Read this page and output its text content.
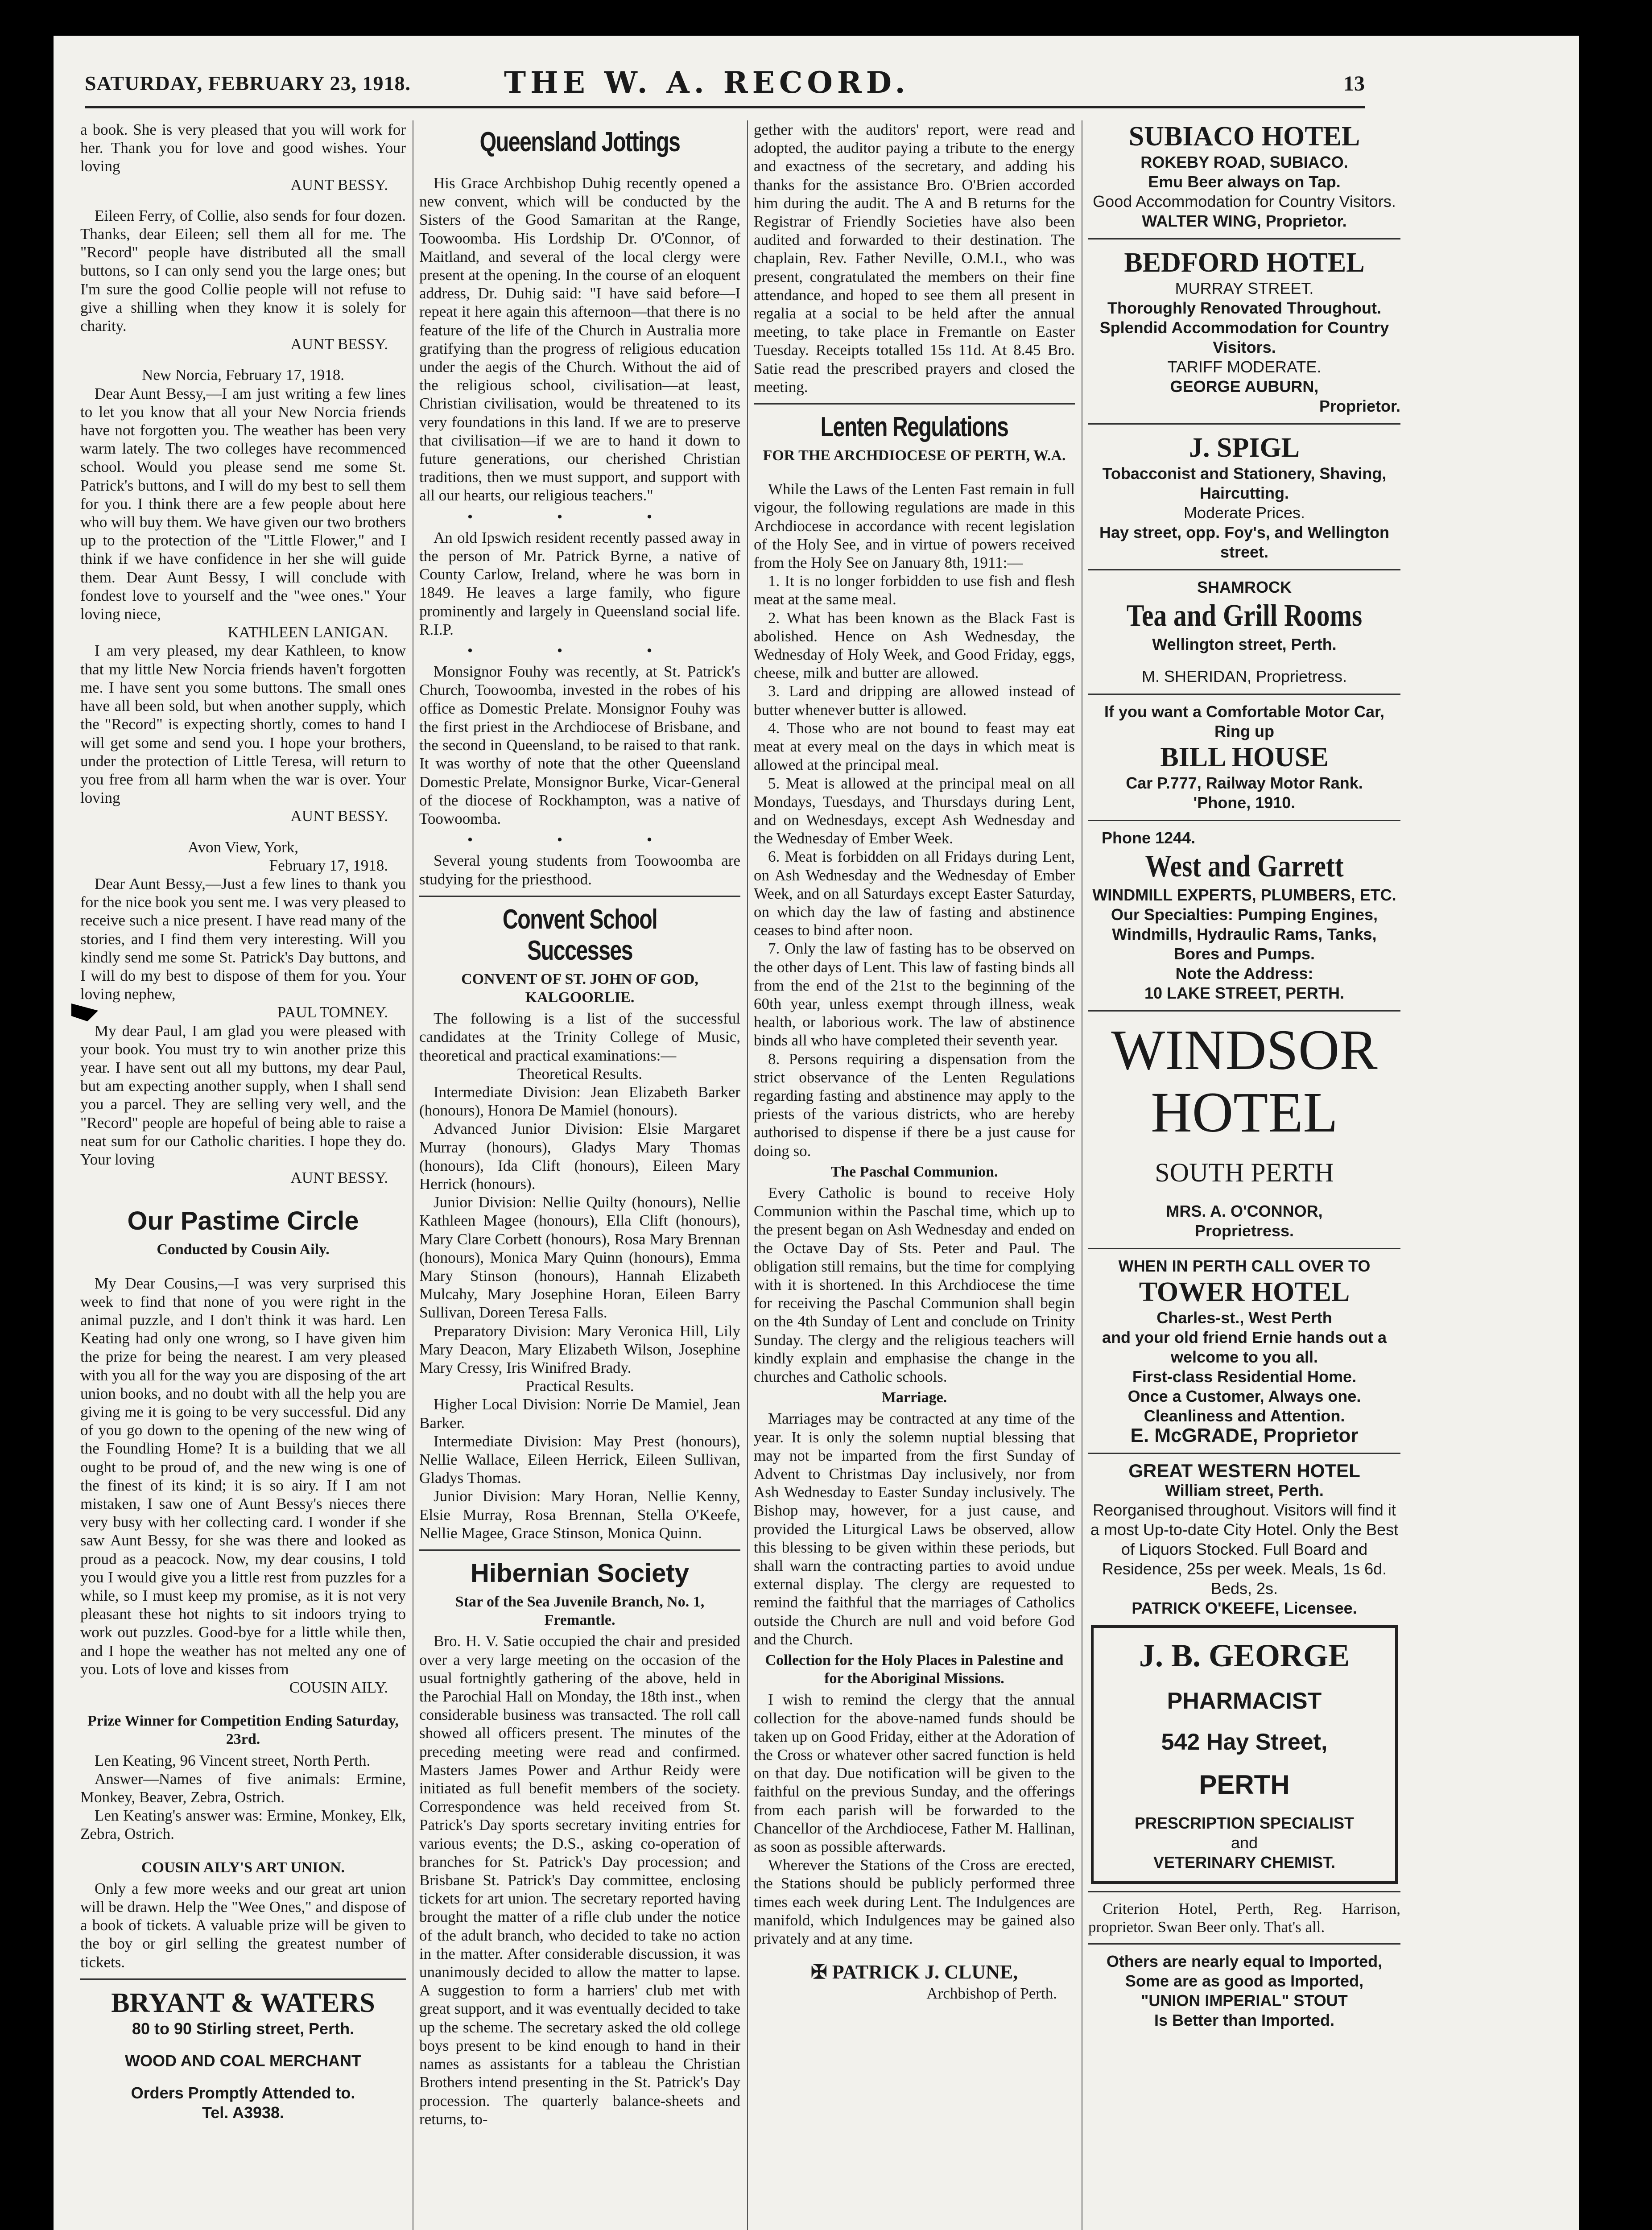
SATURDAY, FEBRUARY 23, 1918.	THE W. A. RECORD.	13

a book. She is very pleased that you will work for her. Thank you for love and good wishes. Your loving

AUNT BESSY.

Eileen Ferry, of Collie, also sends for four dozen. Thanks, dear Eileen; sell them all for me. The "Record" people have distributed all the small buttons, so I can only send you the large ones; but I'm sure the good Collie people will not refuse to give a shilling when they know it is solely for charity.

AUNT BESSY.

New Norcia, February 17, 1918.

Dear Aunt Bessy,—I am just writing a few lines to let you know that all your New Norcia friends have not forgotten you. The weather has been very warm lately. The two colleges have recommenced school. Would you please send me some St. Patrick's buttons, and I will do my best to sell them for you. I think there are a few people about here who will buy them. We have given our two brothers up to the protection of the "Little Flower," and I think if we have confidence in her she will guide them. Dear Aunt Bessy, I will conclude with fondest love to yourself and the "wee ones." Your loving niece,

KATHLEEN LANIGAN.

I am very pleased, my dear Kathleen, to know that my little New Norcia friends haven't forgotten me. I have sent you some buttons. The small ones have all been sold, but when another supply, which the "Record" is expecting shortly, comes to hand I will get some and send you. I hope your brothers, under the protection of Little Teresa, will return to you free from all harm when the war is over. Your loving

AUNT BESSY.

Avon View, York,

February 17, 1918.

Dear Aunt Bessy,—Just a few lines to thank you for the nice book you sent me. I was very pleased to receive such a nice present. I have read many of the stories, and I find them very interesting. Will you kindly send me some St. Patrick's Day buttons, and I will do my best to dispose of them for you. Your loving nephew,

PAUL TOMNEY.

My dear Paul, I am glad you were pleased with your book. You must try to win another prize this year. I have sent out all my buttons, my dear Paul, but am expecting another supply, when I shall send you a parcel. They are selling very well, and the "Record" people are hopeful of being able to raise a neat sum for our Catholic charities. I hope they do. Your loving

AUNT BESSY.

Our Pastime Circle

Conducted by Cousin Aily.

My Dear Cousins,—I was very surprised this week to find that none of you were right in the animal puzzle, and I don't think it was hard. Len Keating had only one wrong, so I have given him the prize for being the nearest. I am very pleased with you all for the way you are disposing of the art union books, and no doubt with all the help you are giving me it is going to be very successful. Did any of you go down to the opening of the new wing of the Foundling Home? It is a building that we all ought to be proud of, and the new wing is one of the finest of its kind; it is so airy. If I am not mistaken, I saw one of Aunt Bessy's nieces there very busy with her collecting card. I wonder if she saw Aunt Bessy, for she was there and looked as proud as a peacock. Now, my dear cousins, I told you I would give you a little rest from puzzles for a while, so I must keep my promise, as it is not very pleasant these hot nights to sit indoors trying to work out puzzles. Good-bye for a little while then, and I hope the weather has not melted any one of you. Lots of love and kisses from

COUSIN AILY.

Prize Winner for Competition Ending Saturday, 23rd.

Len Keating, 96 Vincent street, North Perth.

Answer—Names of five animals: Ermine, Monkey, Beaver, Zebra, Ostrich.

Len Keating's answer was: Ermine, Monkey, Elk, Zebra, Ostrich.

COUSIN AILY'S ART UNION.

Only a few more weeks and our great art union will be drawn. Help the "Wee Ones," and dispose of a book of tickets. A valuable prize will be given to the boy or girl selling the greatest number of tickets.

BRYANT & WATERS

80 to 90 Stirling street, Perth.

WOOD AND COAL MERCHANT

Orders Promptly Attended to.

Tel. A3938.

Queensland Jottings

His Grace Archbishop Duhig recently opened a new convent, which will be conducted by the Sisters of the Good Samaritan at the Range, Toowoomba. His Lordship Dr. O'Connor, of Maitland, and several of the local clergy were present at the opening. In the course of an eloquent address, Dr. Duhig said: "I have said before—I repeat it here again this afternoon—that there is no feature of the life of the Church in Australia more gratifying than the progress of religious education under the aegis of the Church. Without the aid of the religious school, civilisation—at least, Christian civilisation, would be threatened to its very foundations in this land. If we are to preserve that civilisation—if we are to hand it down to future generations, our cherished Christian traditions, then we must support, and support with all our hearts, our religious teachers."

• • •

An old Ipswich resident recently passed away in the person of Mr. Patrick Byrne, a native of County Carlow, Ireland, where he was born in 1849. He leaves a large family, who figure prominently and largely in Queensland social life. R.I.P.

• • •

Monsignor Fouhy was recently, at St. Patrick's Church, Toowoomba, invested in the robes of his office as Domestic Prelate. Monsignor Fouhy was the first priest in the Archdiocese of Brisbane, and the second in Queensland, to be raised to that rank. It was worthy of note that the other Queensland Domestic Prelate, Monsignor Burke, Vicar-General of the diocese of Rockhampton, was a native of Toowoomba.

• • •

Several young students from Toowoomba are studying for the priesthood.

Convent School Successes

CONVENT OF ST. JOHN OF GOD, KALGOORLIE.

The following is a list of the successful candidates at the Trinity College of Music, theoretical and practical examinations:—

Theoretical Results.

Intermediate Division: Jean Elizabeth Barker (honours), Honora De Mamiel (honours).

Advanced Junior Division: Elsie Margaret Murray (honours), Gladys Mary Thomas (honours), Ida Clift (honours), Eileen Mary Herrick (honours).

Junior Division: Nellie Quilty (honours), Nellie Kathleen Magee (honours), Ella Clift (honours), Mary Clare Corbett (honours), Rosa Mary Brennan (honours), Monica Mary Quinn (honours), Emma Mary Stinson (honours), Hannah Elizabeth Mulcahy, Mary Josephine Horan, Eileen Barry Sullivan, Doreen Teresa Falls.

Preparatory Division: Mary Veronica Hill, Lily Mary Deacon, Mary Elizabeth Wilson, Josephine Mary Cressy, Iris Winifred Brady.

Practical Results.

Higher Local Division: Norrie De Mamiel, Jean Barker.

Intermediate Division: May Prest (honours), Nellie Wallace, Eileen Herrick, Eileen Sullivan, Gladys Thomas.

Junior Division: Mary Horan, Nellie Kenny, Elsie Murray, Rosa Brennan, Stella O'Keefe, Nellie Magee, Grace Stinson, Monica Quinn.

Hibernian Society

Star of the Sea Juvenile Branch, No. 1, Fremantle.

Bro. H. V. Satie occupied the chair and presided over a very large meeting on the occasion of the usual fortnightly gathering of the above, held in the Parochial Hall on Monday, the 18th inst., when considerable business was transacted. The roll call showed all officers present. The minutes of the preceding meeting were read and confirmed. Masters James Power and Arthur Reidy were initiated as full benefit members of the society. Correspondence was held received from St. Patrick's Day sports secretary inviting entries for various events; the D.S., asking co-operation of branches for St. Patrick's Day procession; and Brisbane St. Patrick's Day committee, enclosing tickets for art union. The secretary reported having brought the matter of a rifle club under the notice of the adult branch, who decided to take no action in the matter. After considerable discussion, it was unanimously decided to allow the matter to lapse. A suggestion to form a harriers' club met with great support, and it was eventually decided to take up the scheme. The secretary asked the old college boys present to be kind enough to hand in their names as assistants for a tableau the Christian Brothers intend presenting in the St. Patrick's Day procession. The quarterly balance-sheets and returns, to-

gether with the auditors' report, were read and adopted, the auditor paying a tribute to the energy and exactness of the secretary, and adding his thanks for the assistance Bro. O'Brien accorded him during the audit. The A and B returns for the Registrar of Friendly Societies have also been audited and forwarded to their destination. The chaplain, Rev. Father Neville, O.M.I., who was present, congratulated the members on their fine attendance, and hoped to see them all present in regalia at a social to be held after the annual meeting, to take place in Fremantle on Easter Tuesday. Receipts totalled 15s 11d. At 8.45 Bro. Satie read the prescribed prayers and closed the meeting.

Lenten Regulations

FOR THE ARCHDIOCESE OF PERTH, W.A.

While the Laws of the Lenten Fast remain in full vigour, the following regulations are made in this Archdiocese in accordance with recent legislation of the Holy See, and in virtue of powers received from the Holy See on January 8th, 1911:—

1. It is no longer forbidden to use fish and flesh meat at the same meal.

2. What has been known as the Black Fast is abolished. Hence on Ash Wednesday, the Wednesday of Holy Week, and Good Friday, eggs, cheese, milk and butter are allowed.

3. Lard and dripping are allowed instead of butter whenever butter is allowed.

4. Those who are not bound to feast may eat meat at every meal on the days in which meat is allowed at the principal meal.

5. Meat is allowed at the principal meal on all Mondays, Tuesdays, and Thursdays during Lent, and on Wednesdays, except Ash Wednesday and the Wednesday of Ember Week.

6. Meat is forbidden on all Fridays during Lent, on Ash Wednesday and the Wednesday of Ember Week, and on all Saturdays except Easter Saturday, on which day the law of fasting and abstinence ceases to bind after noon.

7. Only the law of fasting has to be observed on the other days of Lent. This law of fasting binds all from the end of the 21st to the beginning of the 60th year, unless exempt through illness, weak health, or laborious work. The law of abstinence binds all who have completed their seventh year.

8. Persons requiring a dispensation from the strict observance of the Lenten Regulations regarding fasting and abstinence may apply to the priests of the various districts, who are hereby authorised to dispense if there be a just cause for doing so.

The Paschal Communion.

Every Catholic is bound to receive Holy Communion within the Paschal time, which up to the present began on Ash Wednesday and ended on the Octave Day of Sts. Peter and Paul. The obligation still remains, but the time for complying with it is shortened. In this Archdiocese the time for receiving the Paschal Communion shall begin on the 4th Sunday of Lent and conclude on Trinity Sunday. The clergy and the religious teachers will kindly explain and emphasise the change in the churches and Catholic schools.

Marriage.

Marriages may be contracted at any time of the year. It is only the solemn nuptial blessing that may not be imparted from the first Sunday of Advent to Christmas Day inclusively, nor from Ash Wednesday to Easter Sunday inclusively. The Bishop may, however, for a just cause, and provided the Liturgical Laws be observed, allow this blessing to be given within these periods, but shall warn the contracting parties to avoid undue external display. The clergy are requested to remind the faithful that the marriages of Catholics outside the Church are null and void before God and the Church.

Collection for the Holy Places in Palestine and for the Aboriginal Missions.

I wish to remind the clergy that the annual collection for the above-named funds should be taken up on Good Friday, either at the Adoration of the Cross or whatever other sacred function is held on that day. Due notification will be given to the faithful on the previous Sunday, and the offerings from each parish will be forwarded to the Chancellor of the Archdiocese, Father M. Hallinan, as soon as possible afterwards.

Wherever the Stations of the Cross are erected, the Stations should be publicly performed three times each week during Lent. The Indulgences are manifold, which Indulgences may be gained also privately and at any time.

✠ PATRICK J. CLUNE,

Archbishop of Perth.

SUBIACO HOTEL

ROKEBY ROAD, SUBIACO.

Emu Beer always on Tap.

Good Accommodation for Country Visitors.

WALTER WING, Proprietor.

BEDFORD HOTEL

MURRAY STREET.

Thoroughly Renovated Throughout.

Splendid Accommodation for Country Visitors.

TARIFF MODERATE.

GEORGE AUBURN,

Proprietor.

J. SPIGL

Tobacconist and Stationery, Shaving, Haircutting.

Moderate Prices.

Hay street, opp. Foy's, and Wellington street.

SHAMROCK

Tea and Grill Rooms

Wellington street, Perth.

M. SHERIDAN, Proprietress.

If you want a Comfortable Motor Car, Ring up

BILL HOUSE

Car P.777, Railway Motor Rank.

'Phone, 1910.

Phone 1244.

West and Garrett

WINDMILL EXPERTS, PLUMBERS, ETC.

Our Specialties: Pumping Engines, Windmills, Hydraulic Rams, Tanks, Bores and Pumps.

Note the Address:

10 LAKE STREET, PERTH.

WINDSOR

HOTEL

SOUTH PERTH

MRS. A. O'CONNOR,

Proprietress.

WHEN IN PERTH CALL OVER TO

TOWER HOTEL

Charles-st., West Perth

and your old friend Ernie hands out a welcome to you all.

First-class Residential Home.

Once a Customer, Always one.

Cleanliness and Attention.

E. McGRADE, Proprietor

GREAT WESTERN HOTEL

William street, Perth.

Reorganised throughout. Visitors will find it a most Up-to-date City Hotel. Only the Best of Liquors Stocked. Full Board and Residence, 25s per week. Meals, 1s 6d. Beds, 2s.

PATRICK O'KEEFE, Licensee.

J. B. GEORGE

PHARMACIST

542 Hay Street,

PERTH

PRESCRIPTION SPECIALIST

and

VETERINARY CHEMIST.

Criterion Hotel, Perth, Reg. Harrison, proprietor. Swan Beer only. That's all.

Others are nearly equal to Imported,

Some are as good as Imported,

"UNION IMPERIAL" STOUT

Is Better than Imported.
